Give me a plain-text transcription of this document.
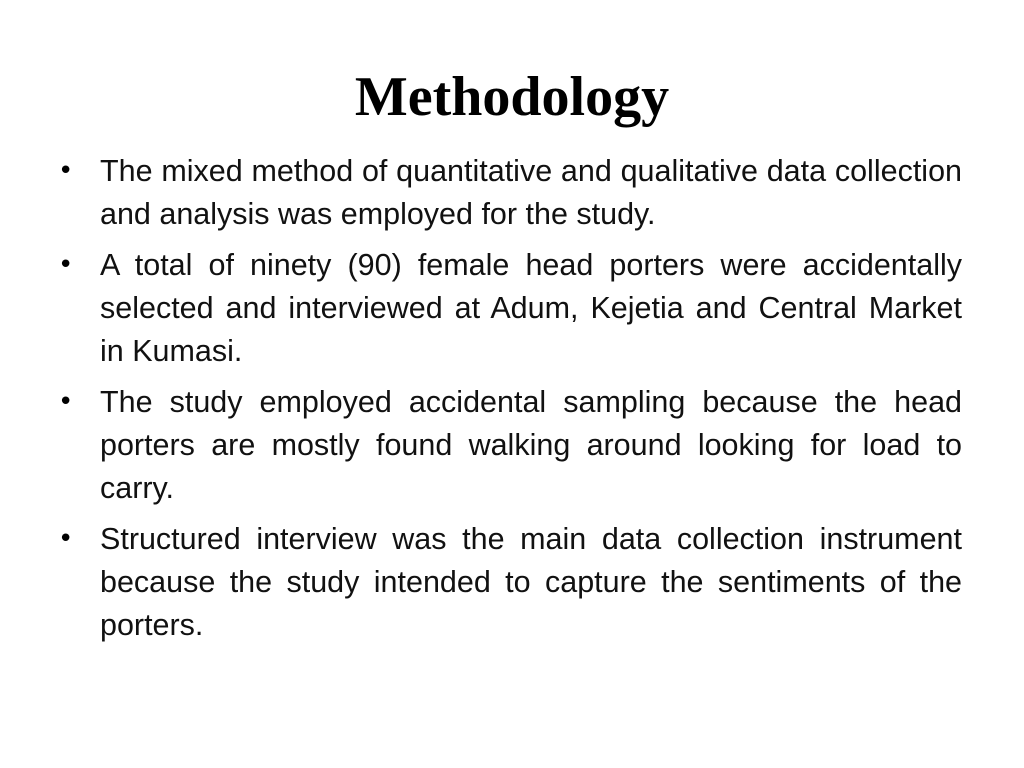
Methodology
• The mixed method of quantitative and qualitative data collection and analysis was employed for the study.
• A total of ninety (90) female head porters were accidentally selected and interviewed at Adum, Kejetia and Central Market in Kumasi.
• The study employed accidental sampling because the head porters are mostly found walking around looking for load to carry.
• Structured interview was the main data collection instrument because the study intended to capture the sentiments of the porters.
